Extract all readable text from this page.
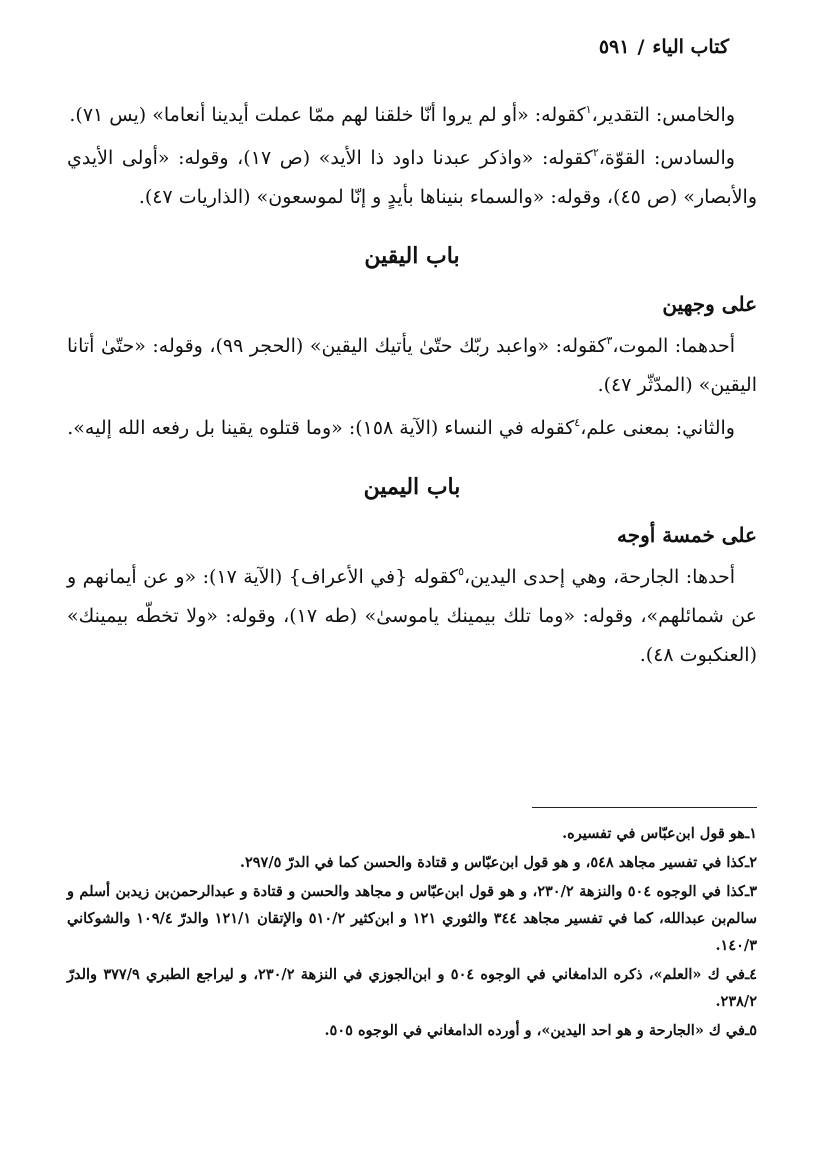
كتاب الياء/٥٩١

والخامس: التقدير،$^١$كقوله: «أو لم يروا أنّا خلقنا لهم ممّا عملت أيدينا أنعاما» (يس ٧١).

والسادس: القوّة،$^٢$كقوله: «واذكر عبدنا داود ذا الأيد» (ص ١٧)، وقوله: «أولى الأيدي والأبصار» (ص ٤٥)، وقوله: «والسماء بنيناها بأيدٍ و إنّا لموسعون» (الذاريات ٤٧).

باب اليقين
على وجهين

أحدهما: الموت،$^٣$كقوله: «واعبد ربّك حتّىٰ يأتيك اليقين» (الحجر ٩٩)، وقوله: «حتّىٰ أتانا اليقين» (المدّثّر ٤٧).

والثاني: بمعنى علم،$^٤$كقوله في النساء (الآية ١٥٨): «وما قتلوه يقينا بل رفعه الله إليه».

باب اليمين
على خمسة أوجه

أحدها: الجارحة، وهي إحدى اليدين،$^٥$كقوله {في الأعراف} (الآية ١٧): «و عن أيمانهم و عن شمائلهم»، وقوله: «وما تلك بيمينك ياموسىٰ» (طه ١٧)، وقوله: «ولا تخطّه بيمينك» (العنكبوت ٤٨).

١ـهو قول ابن‌عبّاس في تفسيره.
٢ـكذا في تفسير مجاهد ٥٤٨، و هو قول ابن‌عبّاس و قتادة والحسن كما في الدرّ ٢٩٧/٥.
٣ـكذا في الوجوه ٥٠٤ والنزهة ٢٣٠/٢، و هو قول ابن‌عبّاس و مجاهد والحسن و قتادة و عبدالرحمن‌بن زيدبن أسلم و سالم‌بن عبدالله، كما في تفسير مجاهد ٣٤٤ والثوري ١٢١ و ابن‌كثير ٥١٠/٢ والإتقان ١٢١/١ والدرّ ١٠٩/٤ والشوكاني ١٤٠/٣.
٤ـفي ك «العلم»، ذكره الدامغاني في الوجوه ٥٠٤ و ابن‌الجوزي في النزهة ٢٣٠/٢، و ليراجع الطبري ٣٧٧/٩ والدرّ ٢٣٨/٢.
٥ـفي ك «الجارحة و هو احد اليدين»، و أورده الدامغاني في الوجوه ٥٠٥.
